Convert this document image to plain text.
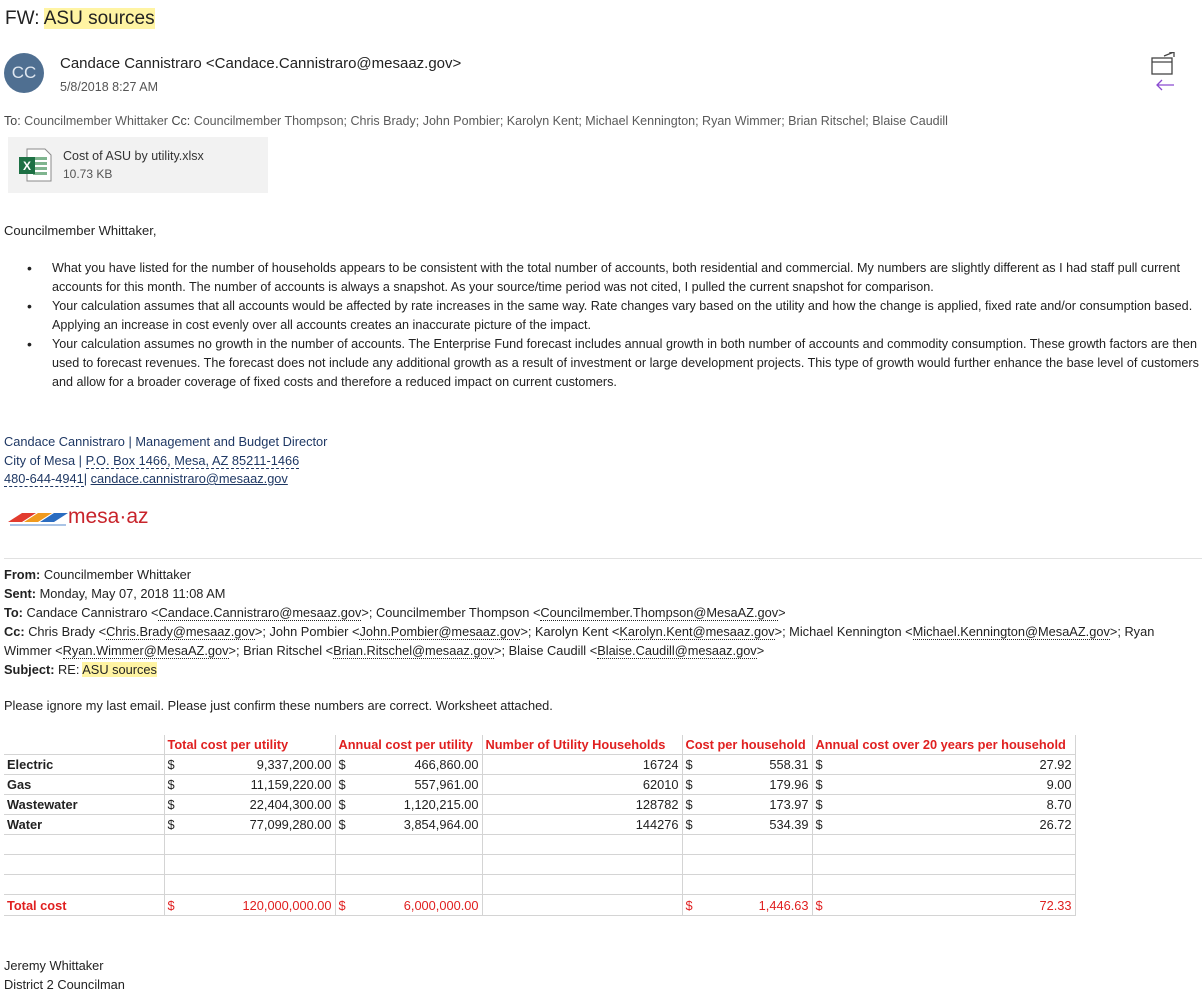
FW: ASU sources
CC	Candace Cannistraro <Candace.Cannistraro@mesaaz.gov>
5/8/2018 8:27 AM
To: Councilmember Whittaker Cc: Councilmember Thompson; Chris Brady; John Pombier; Karolyn Kent; Michael Kennington; Ryan Wimmer; Brian Ritschel; Blaise Caudill
X
Cost of ASU by utility.xlsx
10.73 KB
Councilmember Whittaker,
• What you have listed for the number of households appears to be consistent with the total number of accounts, both residential and commercial. My numbers are slightly different as I had staff pull current accounts for this month. The number of accounts is always a snapshot. As your source/time period was not cited, I pulled the current snapshot for comparison.
• Your calculation assumes that all accounts would be affected by rate increases in the same way. Rate changes vary based on the utility and how the change is applied, fixed rate and/or consumption based. Applying an increase in cost evenly over all accounts creates an inaccurate picture of the impact.
• Your calculation assumes no growth in the number of accounts. The Enterprise Fund forecast includes annual growth in both number of accounts and commodity consumption. These growth factors are then used to forecast revenues. The forecast does not include any additional growth as a result of investment or large development projects. This type of growth would further enhance the base level of customers and allow for a broader coverage of fixed costs and therefore a reduced impact on current customers.
Candace Cannistraro | Management and Budget Director
City of Mesa | P.O. Box 1466, Mesa, AZ 85211-1466
480-644-4941| candace.cannistraro@mesaaz.gov
mesa·az
From: Councilmember Whittaker
Sent: Monday, May 07, 2018 11:08 AM
To: Candace Cannistraro <Candace.Cannistraro@mesaaz.gov>; Councilmember Thompson <Councilmember.Thompson@MesaAZ.gov>
Cc: Chris Brady <Chris.Brady@mesaaz.gov>; John Pombier <John.Pombier@mesaaz.gov>; Karolyn Kent <Karolyn.Kent@mesaaz.gov>; Michael Kennington <Michael.Kennington@MesaAZ.gov>; Ryan Wimmer <Ryan.Wimmer@MesaAZ.gov>; Brian Ritschel <Brian.Ritschel@mesaaz.gov>; Blaise Caudill <Blaise.Caudill@mesaaz.gov>
Subject: RE: ASU sources
Please ignore my last email. Please just confirm these numbers are correct. Worksheet attached.
	Total cost per utility	Annual cost per utility	Number of Utility Households	Cost per household	Annual cost over 20 years per household
Electric	$ 9,337,200.00	$ 466,860.00	16724	$ 558.31	$ 27.92

Gas	$ 11,159,220.00	$ 557,961.00	62010	$ 179.96	$ 9.00

Wastewater	$ 22,404,300.00	$ 1,120,215.00	128782	$ 173.97	$ 8.70

Water	$ 77,099,280.00	$ 3,854,964.00	144276	$ 534.39	$ 26.72

Total cost	$ 120,000,000.00	$ 6,000,000.00		$ 1,446.63	$ 72.33
Jeremy Whittaker
District 2 Councilman
